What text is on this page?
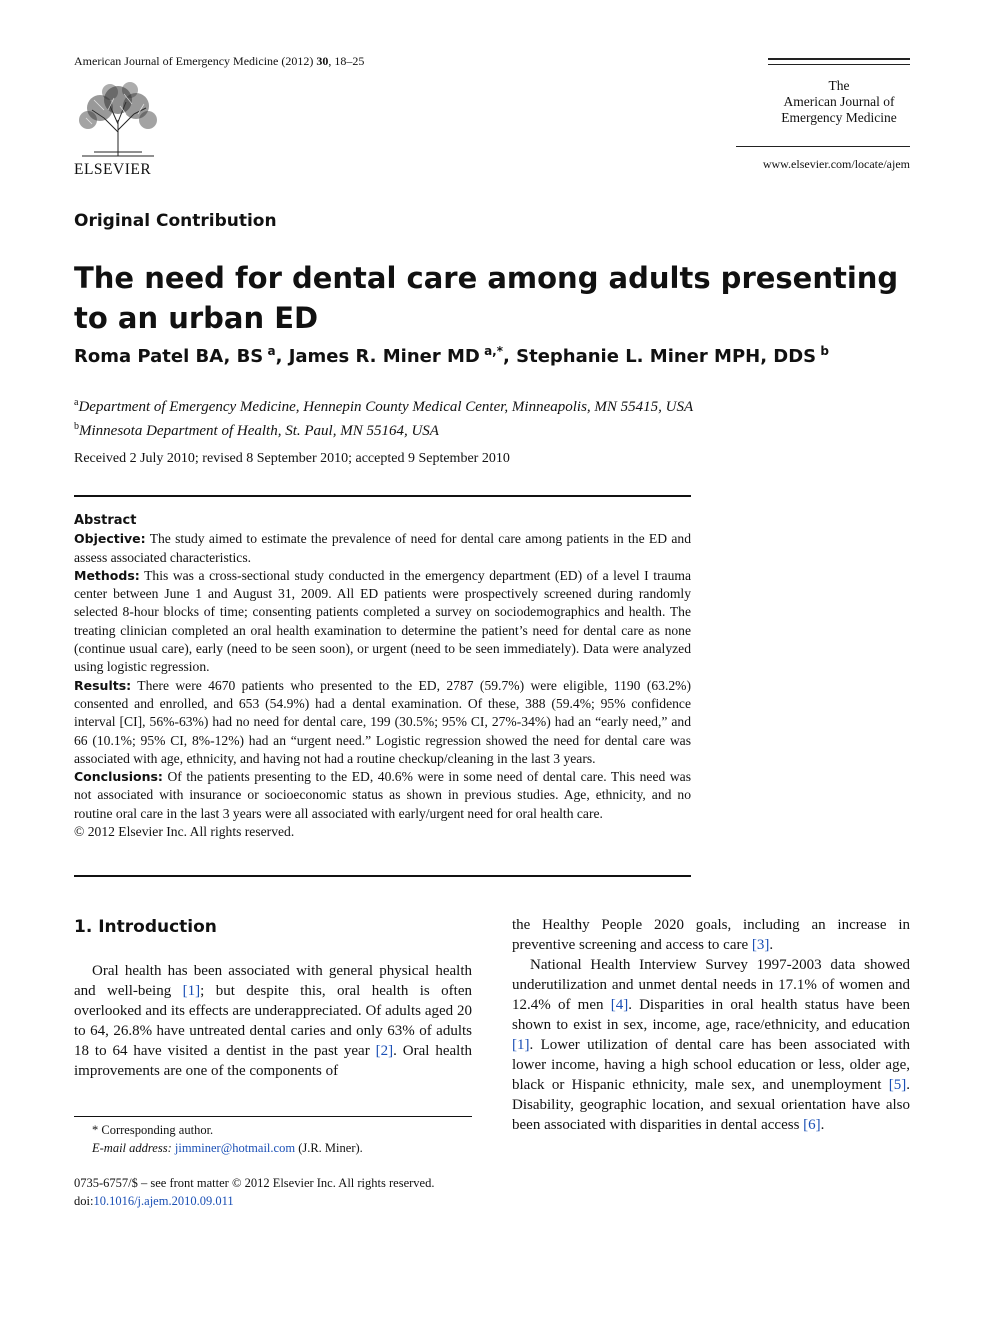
American Journal of Emergency Medicine (2012) 30, 18–25
ELSEVIER
The
American Journal of
Emergency Medicine
www.elsevier.com/locate/ajem
Original Contribution
The need for dental care among adults presenting to an urban ED
Roma Patel BA, BS $^a$, James R. Miner MD $^{a,*}$, Stephanie L. Miner MPH, DDS $^b$
$^a$Department of Emergency Medicine, Hennepin County Medical Center, Minneapolis, MN 55415, USA
$^b$Minnesota Department of Health, St. Paul, MN 55164, USA
Received 2 July 2010; revised 8 September 2010; accepted 9 September 2010

Abstract

Objective: The study aimed to estimate the prevalence of need for dental care among patients in the ED and assess associated characteristics.

Methods: This was a cross-sectional study conducted in the emergency department (ED) of a level I trauma center between June 1 and August 31, 2009. All ED patients were prospectively screened during randomly selected 8-hour blocks of time; consenting patients completed a survey on sociodemographics and health. The treating clinician completed an oral health examination to determine the patient’s need for dental care as none (continue usual care), early (need to be seen soon), or urgent (need to be seen immediately). Data were analyzed using logistic regression.

Results: There were 4670 patients who presented to the ED, 2787 (59.7%) were eligible, 1190 (63.2%) consented and enrolled, and 653 (54.9%) had a dental examination. Of these, 388 (59.4%; 95% confidence interval [CI], 56%-63%) had no need for dental care, 199 (30.5%; 95% CI, 27%-34%) had an “early need,” and 66 (10.1%; 95% CI, 8%-12%) had an “urgent need.” Logistic regression showed the need for dental care was associated with age, ethnicity, and having not had a routine checkup/cleaning in the last 3 years.

Conclusions: Of the patients presenting to the ED, 40.6% were in some need of dental care. This need was not associated with insurance or socioeconomic status as shown in previous studies. Age, ethnicity, and no routine oral care in the last 3 years were all associated with early/urgent need for oral health care.

© 2012 Elsevier Inc. All rights reserved.

1. Introduction

Oral health has been associated with general physical health and well-being [1]; but despite this, oral health is often overlooked and its effects are underappreciated. Of adults aged 20 to 64, 26.8% have untreated dental caries and only 63% of adults 18 to 64 have visited a dentist in the past year [2]. Oral health improvements are one of the components of

the Healthy People 2020 goals, including an increase in preventive screening and access to care [3].

National Health Interview Survey 1997-2003 data showed underutilization and unmet dental needs in 17.1% of women and 12.4% of men [4]. Disparities in oral health status have been shown to exist in sex, income, age, race/ethnicity, and education [1]. Lower utilization of dental care has been associated with lower income, having a high school education or less, older age, black or Hispanic ethnicity, male sex, and unemployment [5]. Disability, geographic location, and sexual orientation have also been associated with disparities in dental access [6].

* Corresponding author.

E-mail address: jimminer@hotmail.com (J.R. Miner).

0735-6757/$ – see front matter © 2012 Elsevier Inc. All rights reserved.

doi:10.1016/j.ajem.2010.09.011
